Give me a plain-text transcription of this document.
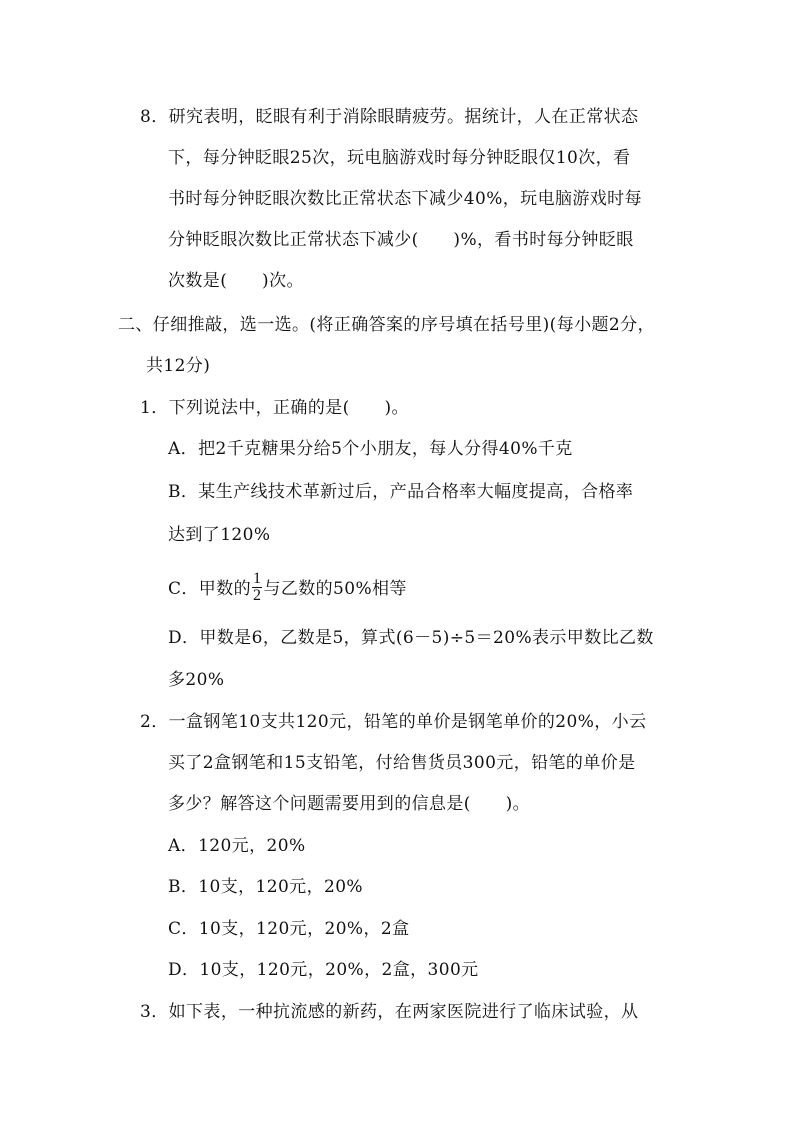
8．研究表明，眨眼有利于消除眼睛疲劳。据统计，人在正常状态
下，每分钟眨眼25次，玩电脑游戏时每分钟眨眼仅10次，看
书时每分钟眨眼次数比正常状态下减少40%，玩电脑游戏时每
分钟眨眼次数比正常状态下减少(　　)%，看书时每分钟眨眼
次数是(　　)次。
二、仔细推敲，选一选。(将正确答案的序号填在括号里)(每小题2分，
共12分)
1．下列说法中，正确的是(　　)。
A．把2千克糖果分给5个小朋友，每人分得40%千克
B．某生产线技术革新过后，产品合格率大幅度提高，合格率
达到了120%
C．甲数的 $\frac{1}{2}$ 与乙数的50%相等
D．甲数是6，乙数是5，算式(6－5)÷5＝20%表示甲数比乙数
多20%
2．一盒钢笔10支共120元，铅笔的单价是钢笔单价的20%，小云
买了2盒钢笔和15支铅笔，付给售货员300元，铅笔的单价是
多少？解答这个问题需要用到的信息是(　　)。
A．120元，20%
B．10支，120元，20%
C．10支，120元，20%，2盒
D．10支，120元，20%，2盒，300元
3．如下表，一种抗流感的新药，在两家医院进行了临床试验，从
